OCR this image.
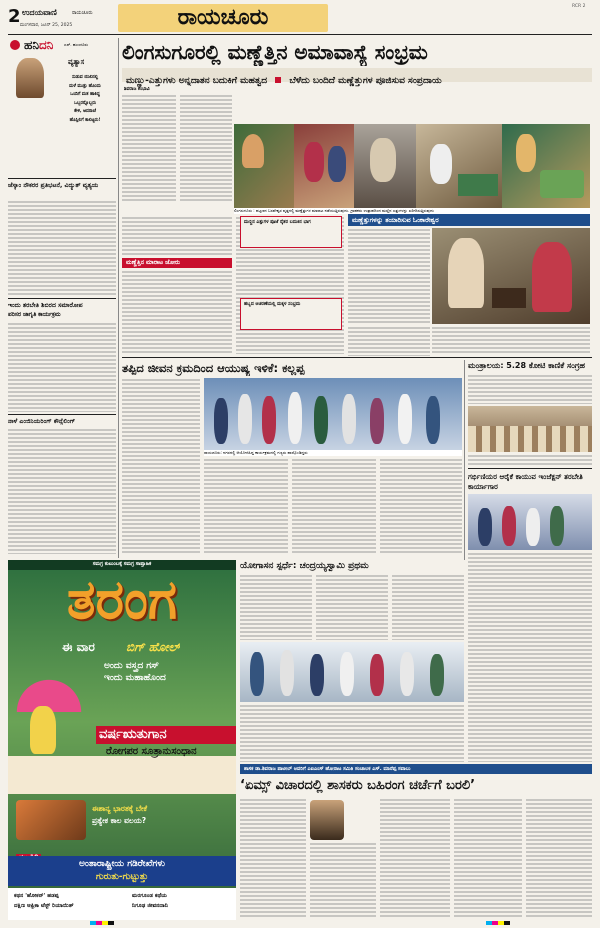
2 ಉದಯವಾಣಿ	ರಾಯಚೂರು
ಮಂಗಳವಾರ, ಜೂನ್ 25, 2025	ರಾಯಚೂರು	RCR 2
ಹನಿದನಿ	ಎಸ್. ಹುಂಚೂರು
ವ್ಯತ್ಯಾಸ
ಸುಡುವ ಬಿಸಿಲಿನಲ್ಲಿ
ಮಳೆ ಮುತ್ತು ಹೊಂದು
ಒಂದಿಗೆ ಮತ ಹಾಕಿದ್ದ
ಒಬ್ಬರನ್ನೊಬ್ಬರು
ಕೇಳಿ, ಅದರಾಚೆ
ಹೊಸ್ತಿಲಿಗೆ ಕಾಲಿಟ್ಟರು!
ಜೆಸ್ಕಾಂ ನೌಕರರ ಪ್ರತಿಭಟನೆ, ವಿದ್ಯುತ್ ವ್ಯತ್ಯಯ
ಇಂದು ತರಬೇತಿ ಶಿಬಿರದ ಸಮಾರೋಪ
ಪರಿಸರ ಜಾಗೃತಿ ಕಾರ್ಯಕ್ರಮ
ನಾಳೆ ಎಂಜಿನಿಯರಿಂಗ್ ಕೌನ್ಸೆಲಿಂಗ್
ಲಿಂಗಸುಗೂರಲ್ಲಿ ಮಣ್ಣೆತ್ತಿನ ಅಮಾವಾಸ್ಯೆ ಸಂಭ್ರಮ
ಮಣ್ಣು-ಎತ್ತುಗಳು ಅನ್ನದಾತನ ಬದುಕಿಗೆ ಮಹತ್ವದ ಬೆಳೆದು ಬಂದಿದೆ ಮಣ್ಣೆತ್ತುಗಳ ಪೂಜಿಸುವ ಸಂಪ್ರದಾಯ
ಶಿವರಾಜ ಕೆಂಭಾವಿ
ಲಿಂಗಸುಗೂರು : ಪಟ್ಟಣದ ಬಸವೇಶ್ವರ ವೃತ್ತದಲ್ಲಿ ಮಣ್ಣೆತ್ತುಗಳ ಮಾರಾಟ ನಡೆಯುತ್ತಿರುವುದು. ಗ್ರಾಹಕರು ಉತ್ಸಾಹದಿಂದ ಮಣ್ಣಿನ ಎತ್ತುಗಳನ್ನು ಖರೀದಿಸುತ್ತಿರುವುದು
ಮಣ್ಣೆತ್ತಿನ ಮಾರಾಟ ಜೋರು
ಮಣ್ಣಿನ ಎತ್ತುಗಳ ಪೂಜೆ ರೈತರ ಬದುಕಿನ ಭಾಗ
ಹಬ್ಬದ ಆಚರಣೆಯಲ್ಲಿ ಮಕ್ಕಳ ಸಂಭ್ರಮ
ಮಣ್ಣೆತ್ತುಗಳನ್ನು ತಯಾರಿಸುವ ಓಂಕಾರೇಶ್ವರ
ತಪ್ಪಿದ ಜೀವನ ಕ್ರಮದಿಂದ ಆಯುಷ್ಯ ಇಳಿಕೆ: ಕಲ್ಲಪ್ಪ
ರಾಯಚೂರು: ನಗರದಲ್ಲಿ ಆಯೋಜಿಸಿದ್ದ ಕಾರ್ಯಕ್ರಮದಲ್ಲಿ ಗಣ್ಯರು ಪಾಲ್ಗೊಂಡಿದ್ದರು
ಮಂತ್ರಾಲಯ: 5.28 ಕೋಟಿ ಕಾಣಿಕೆ ಸಂಗ್ರಹ
ಗರ್ಭಿಣಿಯರ ಆರೈಕೆ ಕಾಯುವ ಇಂಜೆಕ್ಷನ್ ತರಬೇತಿ ಕಾರ್ಯಾಗಾರ
ಸಮಗ್ರ ಕುಟುಂಬಕ್ಕೆ ಸಮಗ್ರ ಸಾಪ್ತಾಹಿಕ
ತರಂಗ
ಈ ವಾರ	ಬಿಗ್ ಹೋಲ್
ಅಂದು ವಸ್ತ್ರದ ಗಸ್
ಇಂದು ಮಹಾಹೊಂದ
ವರ್ಷಋತುಗಾನ
ರೋಗಪರ ಸೂತ್ರಾನುಸಂಧಾನ
ಈಶಾನ್ಯ ಭಾರತಕ್ಕೆ ಬೇಕೆ
ಪ್ರತ್ಯೇಕ ಕಾಲ ವಲಯ?
ಅಂತಾರಾಷ್ಟ್ರೀಯ ಗಡಿರೇಖೆಗಳು
ಗುರುತು-ಗುಟ್ಟುತ್ತು
ಕಥನ 'ಹೋಕನ್' ಹಡಪ್ಪ
ದಕ್ಷಿಣ ಆಫ್ರಿಕಾ ಟೆಸ್ಟ್ ರಿಯಾಯಿತ್
ಮರಗೂಂಡ ಕಥೆಯ
ನಿಗೂಢ ಜೀವನದಾನಿ
ಯೋಗಾಸನ ಸ್ಪರ್ಧೆ: ಚಂದ್ರಯ್ಯಸ್ವಾಮಿ ಪ್ರಥಮ
ಶಾಸಕ ಡಾ.ಶಿವರಾಜ ಪಾಟೀಲ್ ಅವರಿಗೆ ಎಐಎಂಸ್ ಹೋರಾಟ ಸಮಿತಿ ಸಂಚಾಲಕ ಎಸ್. ಮಾರೆಪ್ಪ ಸವಾಲು
‘ಏಮ್ಸ್ ವಿಚಾರದಲ್ಲಿ ಶಾಸಕರು ಬಹಿರಂಗ ಚರ್ಚೆಗೆ ಬರಲಿ’
